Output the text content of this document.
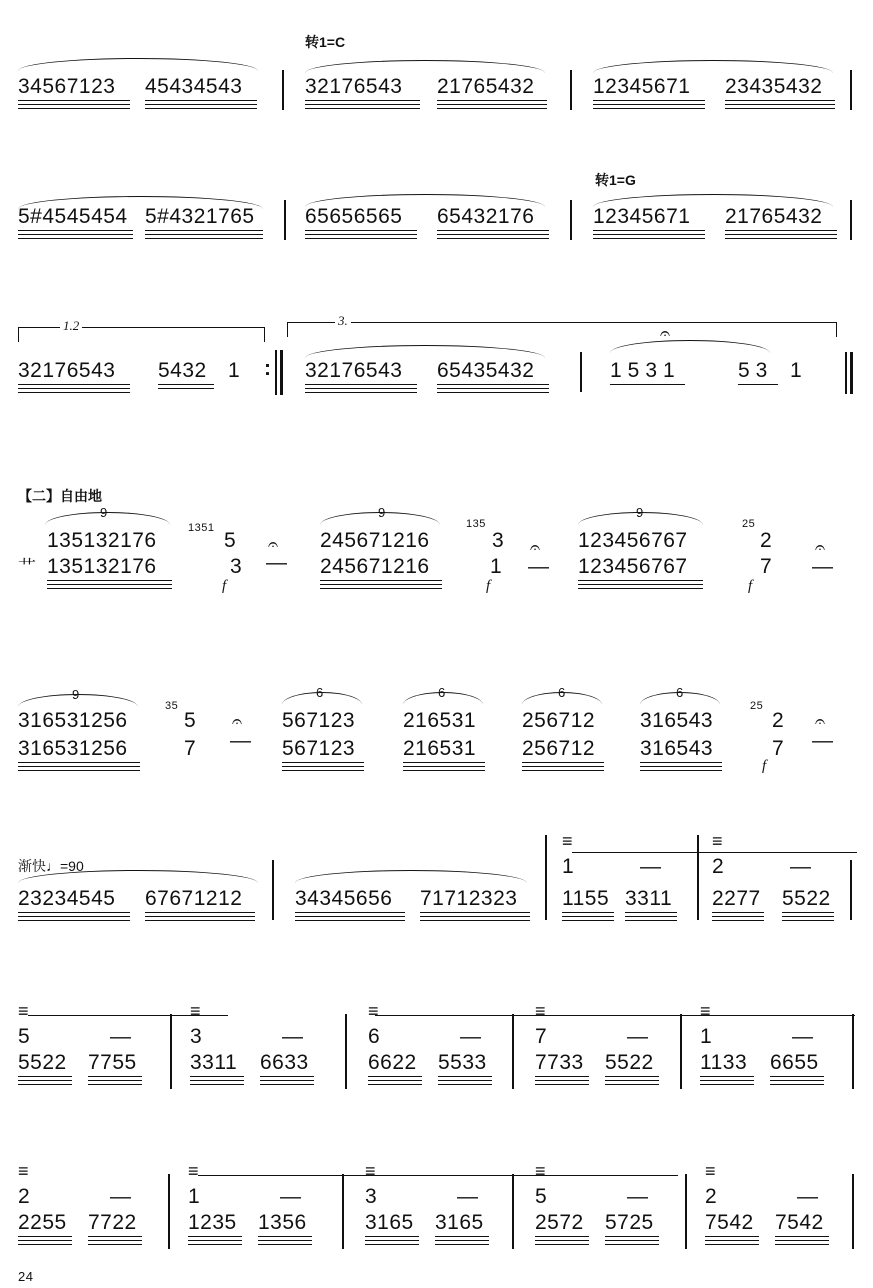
转1=C
34567123 45434543	32176543 21765432	12345671 23435432
转1=G
5#4545454 5#4321765 65656565 65432176	12345671 21765432
1.2	3.
𝄐
32176543 5432 1 : 32176543 65435432	1531	53 1
【二】自由地
艹
9
135132176
135132176
1351
5
3
f
𝄐
—
9
245671216
245671216
135
3
1
f
𝄐
—
9
123456767
123456767
25
2
7
f
𝄐
—
9
316531256
316531256
35
5
7
𝄐
—
6
567123
567123
6
216531
216531
6
256712
256712
6
316543
316543
25
2
7
f
𝄐
—
渐快♩=90
23234545 67671212	34345656 71712323
≡
1	—
1155 3311
≡
2	—
2277 5522
≡
5	—
5522 7755
≡
3	—
3311 6633
≡
6	—
6622 5533
≡
7	—
7733 5522
≡
1	—
1133 6655
≡
2	—
2255 7722
≡
1	—
1235 1356
≡
3	—
3165 3165
≡
5	—
2572 5725
≡
2	—
7542 7542
24
